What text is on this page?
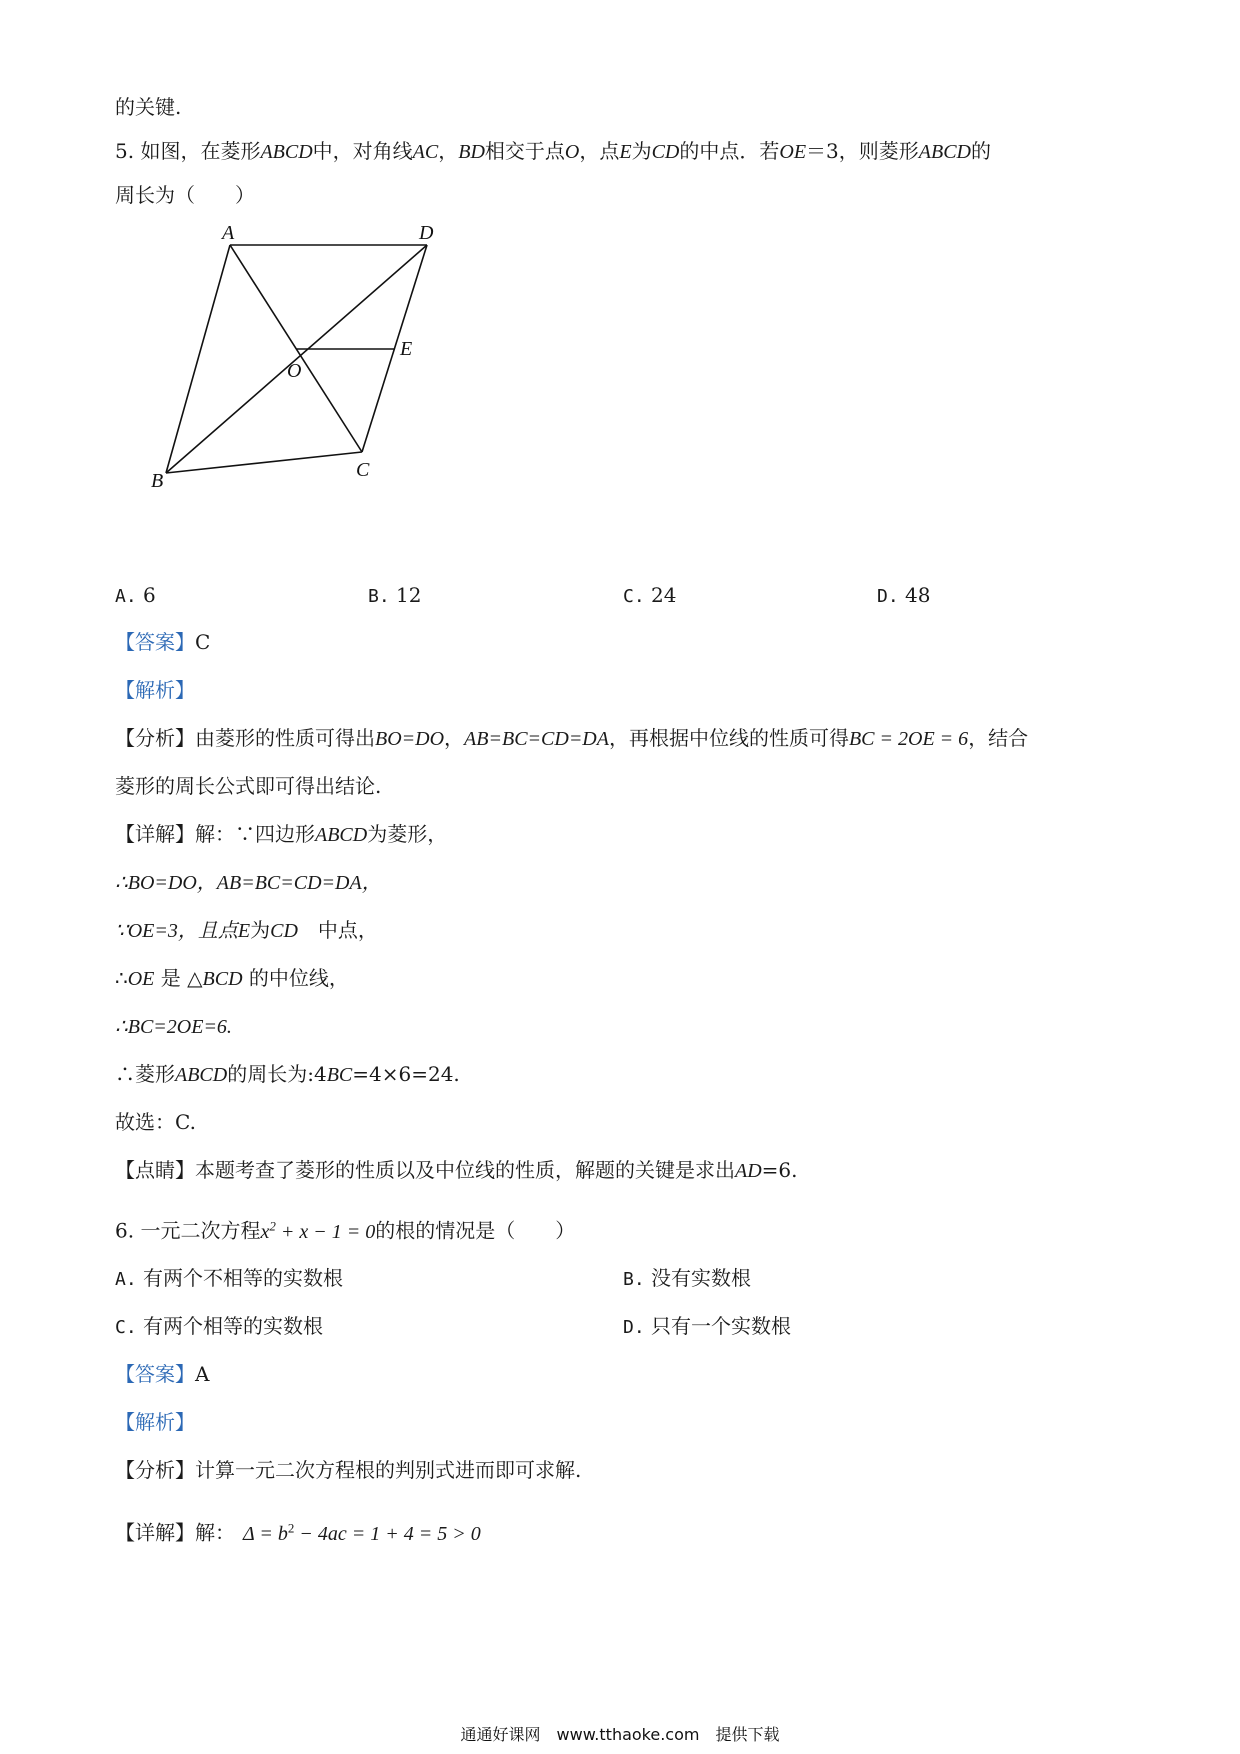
的关键.
5. 如图，在菱形ABCD中，对角线AC，BD相交于点O，点E为CD的中点．若OE＝3，则菱形ABCD的
周长为（　　）
A	D
E
O
B	C
A. 6	B. 12	C. 24	D. 48
【答案】C
【解析】
【分析】由菱形的性质可得出BO=DO，AB=BC=CD=DA，再根据中位线的性质可得BC = 2OE = 6，结合
菱形的周长公式即可得出结论.
【详解】解：∵四边形ABCD为菱形，
∴BO=DO，AB=BC=CD=DA，
∵OE=3，且点E为CD　中点，
∴OE 是 △BCD 的中位线，
∴BC=2OE=6.
∴菱形ABCD的周长为:4BC=4×6=24.
故选：C.
【点睛】本题考查了菱形的性质以及中位线的性质，解题的关键是求出AD=6.
6. 一元二次方程$x^2 + x - 1 = 0$的根的情况是（　　）
A. 有两个不相等的实数根	B. 没有实数根
C. 有两个相等的实数根	D. 只有一个实数根
【答案】A
【解析】
【分析】计算一元二次方程根的判别式进而即可求解.
【详解】解： $\Delta = b^2 - 4ac = 1 + 4 = 5 > 0$
通通好课网　www.tthaoke.com　提供下载
